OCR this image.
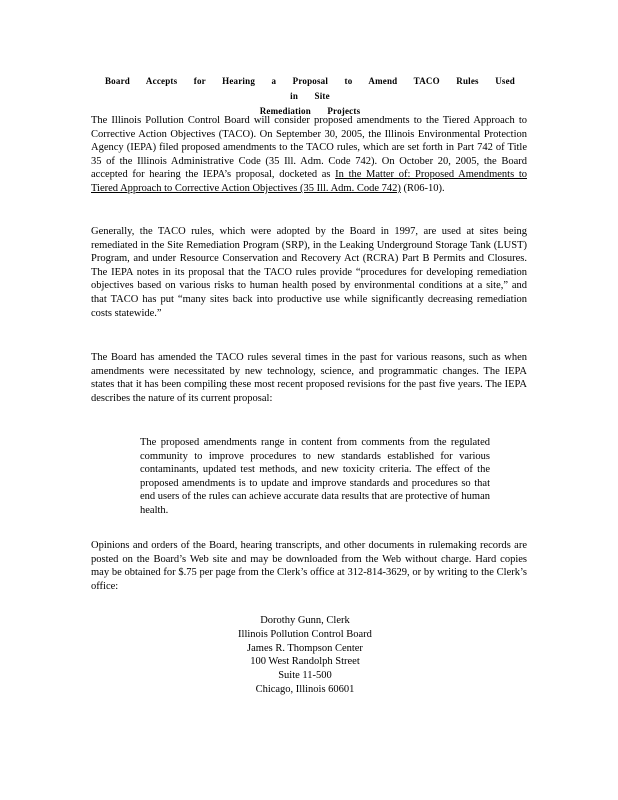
Board Accepts for Hearing a Proposal to Amend TACO Rules Used in Site
Remediation Projects

The Illinois Pollution Control Board will consider proposed amendments to the Tiered Approach to Corrective Action Objectives (TACO). On September 30, 2005, the Illinois Environmental Protection Agency (IEPA) filed proposed amendments to the TACO rules, which are set forth in Part 742 of Title 35 of the Illinois Administrative Code (35 Ill. Adm. Code 742). On October 20, 2005, the Board accepted for hearing the IEPA’s proposal, docketed as In the Matter of: Proposed Amendments to Tiered Approach to Corrective Action Objectives (35 Ill. Adm. Code 742) (R06-10).

Generally, the TACO rules, which were adopted by the Board in 1997, are used at sites being remediated in the Site Remediation Program (SRP), in the Leaking Underground Storage Tank (LUST) Program, and under Resource Conservation and Recovery Act (RCRA) Part B Permits and Closures. The IEPA notes in its proposal that the TACO rules provide “procedures for developing remediation objectives based on various risks to human health posed by environmental conditions at a site,” and that TACO has put “many sites back into productive use while significantly decreasing remediation costs statewide.”

The Board has amended the TACO rules several times in the past for various reasons, such as when amendments were necessitated by new technology, science, and programmatic changes. The IEPA states that it has been compiling these most recent proposed revisions for the past five years. The IEPA describes the nature of its current proposal:

The proposed amendments range in content from comments from the regulated community to improve procedures to new standards established for various contaminants, updated test methods, and new toxicity criteria. The effect of the proposed amendments is to update and improve standards and procedures so that end users of the rules can achieve accurate data results that are protective of human health.

Opinions and orders of the Board, hearing transcripts, and other documents in rulemaking records are posted on the Board’s Web site and may be downloaded from the Web without charge. Hard copies may be obtained for $.75 per page from the Clerk’s office at 312-814-3629, or by writing to the Clerk’s office:

Dorothy Gunn, Clerk
Illinois Pollution Control Board
James R. Thompson Center
100 West Randolph Street
Suite 11-500
Chicago, Illinois 60601
